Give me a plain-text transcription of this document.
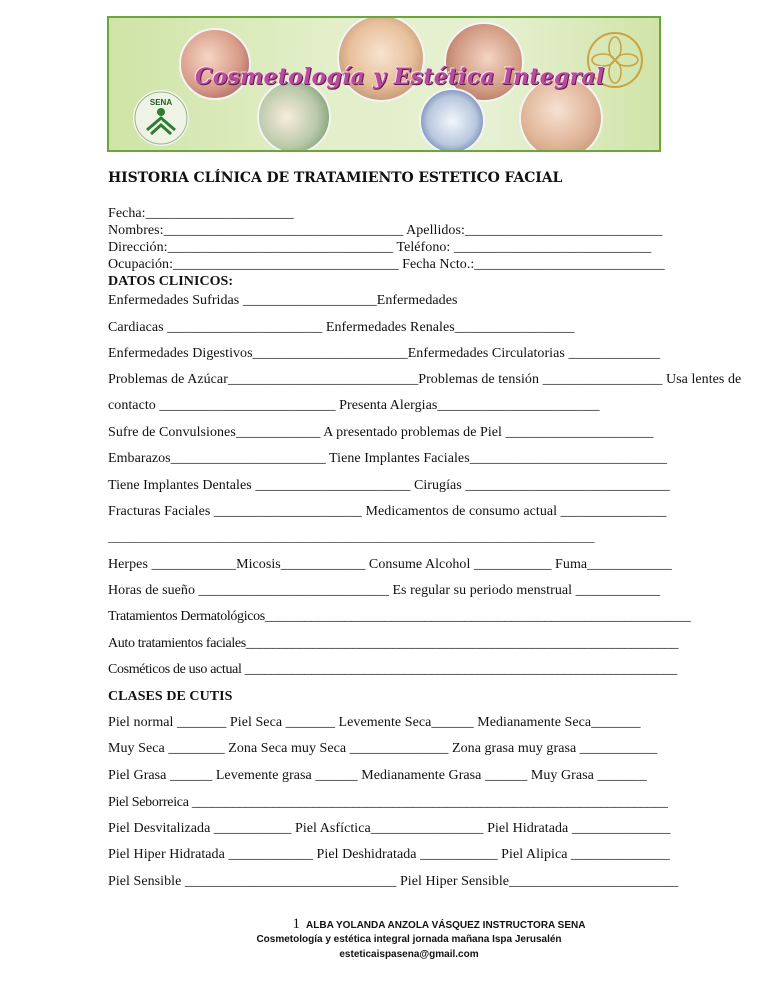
SENA
Cosmetología y Estética Integral
HISTORIA CLÍNICA DE TRATAMIENTO ESTETICO FACIAL
Fecha:_____________________
Nombres:__________________________________ Apellidos:____________________________
Dirección:________________________________ Teléfono: ____________________________
Ocupación:________________________________ Fecha Ncto.:___________________________
DATOS CLINICOS:
Enfermedades Sufridas ___________________Enfermedades
Cardiacas ______________________ Enfermedades Renales_________________
Enfermedades Digestivos______________________Enfermedades Circulatorias _____________
Problemas de Azúcar___________________________Problemas de tensión _________________ Usa lentes de
contacto _________________________ Presenta Alergias_______________________
Sufre de Convulsiones____________ A presentado problemas de Piel _____________________
Embarazos______________________ Tiene Implantes Faciales____________________________
Tiene Implantes Dentales ______________________ Cirugías _____________________________
Fracturas Faciales _____________________ Medicamentos de consumo actual _______________
__________________________________________________________________________________________
Herpes ____________Micosis____________ Consume Alcohol ___________ Fuma____________
Horas de sueño ___________________________ Es regular su periodo menstrual ____________
Tratamientos Dermatológicos________________________________________________________________
Auto tratamientos faciales_________________________________________________________________
Cosméticos de uso actual _________________________________________________________________
CLASES DE CUTIS
Piel normal _______ Piel Seca _______ Levemente Seca______ Medianamente Seca_______
Muy Seca ________ Zona Seca muy Seca ______________ Zona grasa muy grasa ___________
Piel Grasa ______ Levemente grasa ______ Medianamente Grasa ______ Muy Grasa _______
Piel Seborreica _______________________________________________________________________
Piel Desvitalizada ___________ Piel Asfíctica________________ Piel Hidratada ______________
Piel Hiper Hidratada ____________ Piel Deshidratada ___________ Piel Alipica ______________
Piel Sensible ______________________________ Piel Hiper Sensible________________________
1 ALBA YOLANDA ANZOLA VÁSQUEZ INSTRUCTORA SENA
Cosmetología y estética integral jornada mañana Ispa Jerusalén
esteticaispasena@gmail.com
